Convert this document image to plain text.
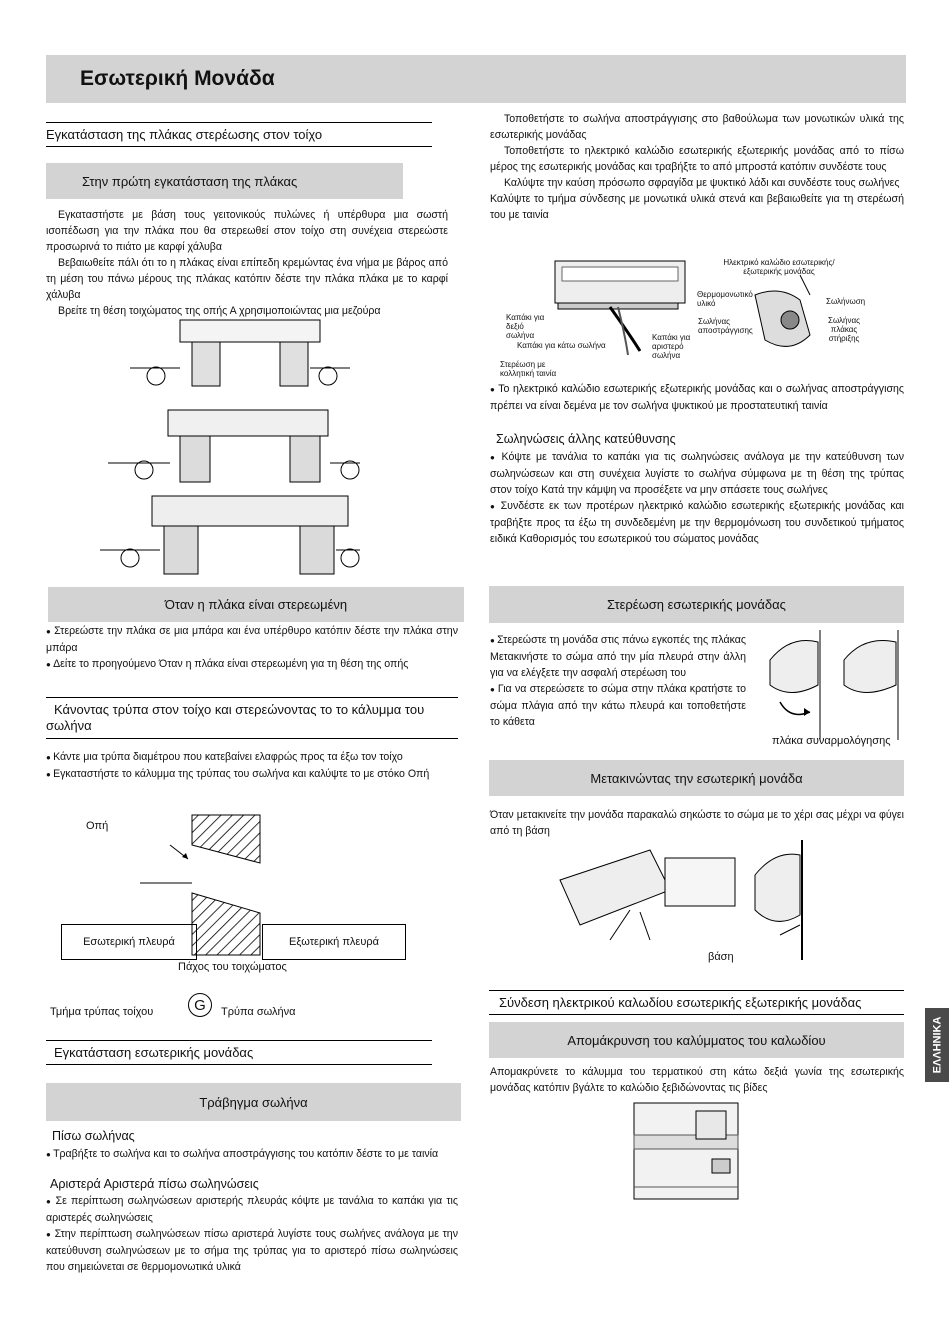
Εσωτερική Μονάδα
Εγκατάσταση της πλάκας στερέωσης στον τοίχο
Στην πρώτη εγκατάσταση της πλάκας

Εγκαταστήστε με βάση τους γειτονικούς πυλώνες ή υπέρθυρα μια σωστή ισοπέδωση για την πλάκα που θα στερεωθεί στον τοίχο στη συνέχεια στερεώστε προσωρινά το πιάτο με καρφί χάλυβα

Βεβαιωθείτε πάλι ότι το η πλάκας είναι επίπεδη κρεμώντας ένα νήμα με βάρος από τη μέση του πάνω μέρους της πλάκας κατόπιν δέστε την πλάκα πλάκα με το καρφί χάλυβα

Βρείτε τη θέση τοιχώματος της οπής Α χρησιμοποιώντας μια μεζούρα

Όταν η πλάκα είναι στερεωμένη

● Στερεώστε την πλάκα σε μια μπάρα και ένα υπέρθυρο κατόπιν δέστε την πλάκα στην μπάρα

● Δείτε το προηγούμενο Όταν η πλάκα είναι στερεωμένη για τη θέση της οπής

Κάνοντας τρύπα στον τοίχο και στερεώνοντας το το κάλυμμα του σωλήνα

● Κάντε μια τρύπα διαμέτρου που κατεβαίνει ελαφρώς προς τα έξω τον τοίχο

● Εγκαταστήστε το κάλυμμα της τρύπας του σωλήνα και καλύψτε το με στόκο Οπή

Οπή
Εσωτερική πλευρά	Εξωτερική πλευρά
Πάχος του τοιχώματος
Τμήμα τρύπας τοίχου	G	Τρύπα σωλήνα
Εγκατάσταση εσωτερικής μονάδας
Τράβηγμα σωλήνα
Πίσω σωλήνας

● Τραβήξτε το σωλήνα και το σωλήνα αποστράγγισης του κατόπιν δέστε το με ταινία

Αριστερά Αριστερά πίσω σωληνώσεις

● Σε περίπτωση σωληνώσεων αριστερής πλευράς κόψτε με τανάλια το καπάκι για τις αριστερές σωληνώσεις

● Στην περίπτωση σωληνώσεων πίσω αριστερά λυγίστε τους σωλήνες ανάλογα με την κατεύθυνση σωληνώσεων με το σήμα της τρύπας για το αριστερό πίσω σωληνώσεις που σημειώνεται σε θερμομονωτικά υλικά

Τοποθετήστε το σωλήνα αποστράγγισης στο βαθούλωμα των μονωτικών υλικά της εσωτερικής μονάδας

Τοποθετήστε το ηλεκτρικό καλώδιο εσωτερικής εξωτερικής μονάδας από το πίσω μέρος της εσωτερικής μονάδας και τραβήξτε το από μπροστά κατόπιν συνδέστε τους

Καλύψτε την καύση πρόσωπο σφραγίδα με ψυκτικό λάδι και συνδέστε τους σωλήνες

Καλύψτε το τμήμα σύνδεσης με μονωτικά υλικά στενά και βεβαιωθείτε για τη στερέωσή του με ταινία

Ηλεκτρικό καλώδιο εσωτερικής/ εξωτερικής μονάδας
Θερμομονωτικό υλικό	Σωλήνωση
Καπάκι για δεξιό σωλήνα
Σωλήνας αποστράγγισης
Καπάκι για αριστερό σωλήνα
Σωλήνας πλάκας στήριξης
Καπάκι για κάτω σωλήνα
Στερέωση με κολλητική ταινία

● Το ηλεκτρικό καλώδιο εσωτερικής εξωτερικής μονάδας και ο σωλήνας αποστράγγισης πρέπει να είναι δεμένα με τον σωλήνα ψυκτικού με προστατευτική ταινία

Σωληνώσεις άλλης κατεύθυνσης

● Κόψτε με τανάλια το καπάκι για τις σωληνώσεις ανάλογα με την κατεύθυνση των σωληνώσεων και στη συνέχεια λυγίστε το σωλήνα σύμφωνα με τη θέση της τρύπας στον τοίχο Κατά την κάμψη να προσέξετε να μην σπάσετε τους σωλήνες

● Συνδέστε εκ των προτέρων ηλεκτρικό καλώδιο εσωτερικής εξωτερικής μονάδας και τραβήξτε προς τα έξω τη συνδεδεμένη με την θερμομόνωση του συνδετικού τμήματος ειδικά Καθορισμός του εσωτερικού του σώματος μονάδας

Στερέωση εσωτερικής μονάδας

● Στερεώστε τη μονάδα στις πάνω εγκοπές της πλάκας Μετακινήστε το σώμα από την μία πλευρά στην άλλη για να ελέγξετε την ασφαλή στερέωση του

● Για να στερεώσετε το σώμα στην πλάκα κρατήστε το σώμα πλάγια από την κάτω πλευρά και τοποθετήστε το κάθετα

πλάκα συναρμολόγησης
Μετακινώντας την εσωτερική μονάδα

Όταν μετακινείτε την μονάδα παρακαλώ σηκώστε το σώμα με το χέρι σας μέχρι να φύγει από τη βάση

βάση
Σύνδεση ηλεκτρικού καλωδίου εσωτερικής εξωτερικής μονάδας
Απομάκρυνση του καλύμματος του καλωδίου

Απομακρύνετε το κάλυμμα του τερματικού στη κάτω δεξιά γωνία της εσωτερικής μονάδας κατόπιν βγάλτε το καλώδιο ξεβιδώνοντας τις βίδες

ΕΛΛΗΝΙΚΑ
